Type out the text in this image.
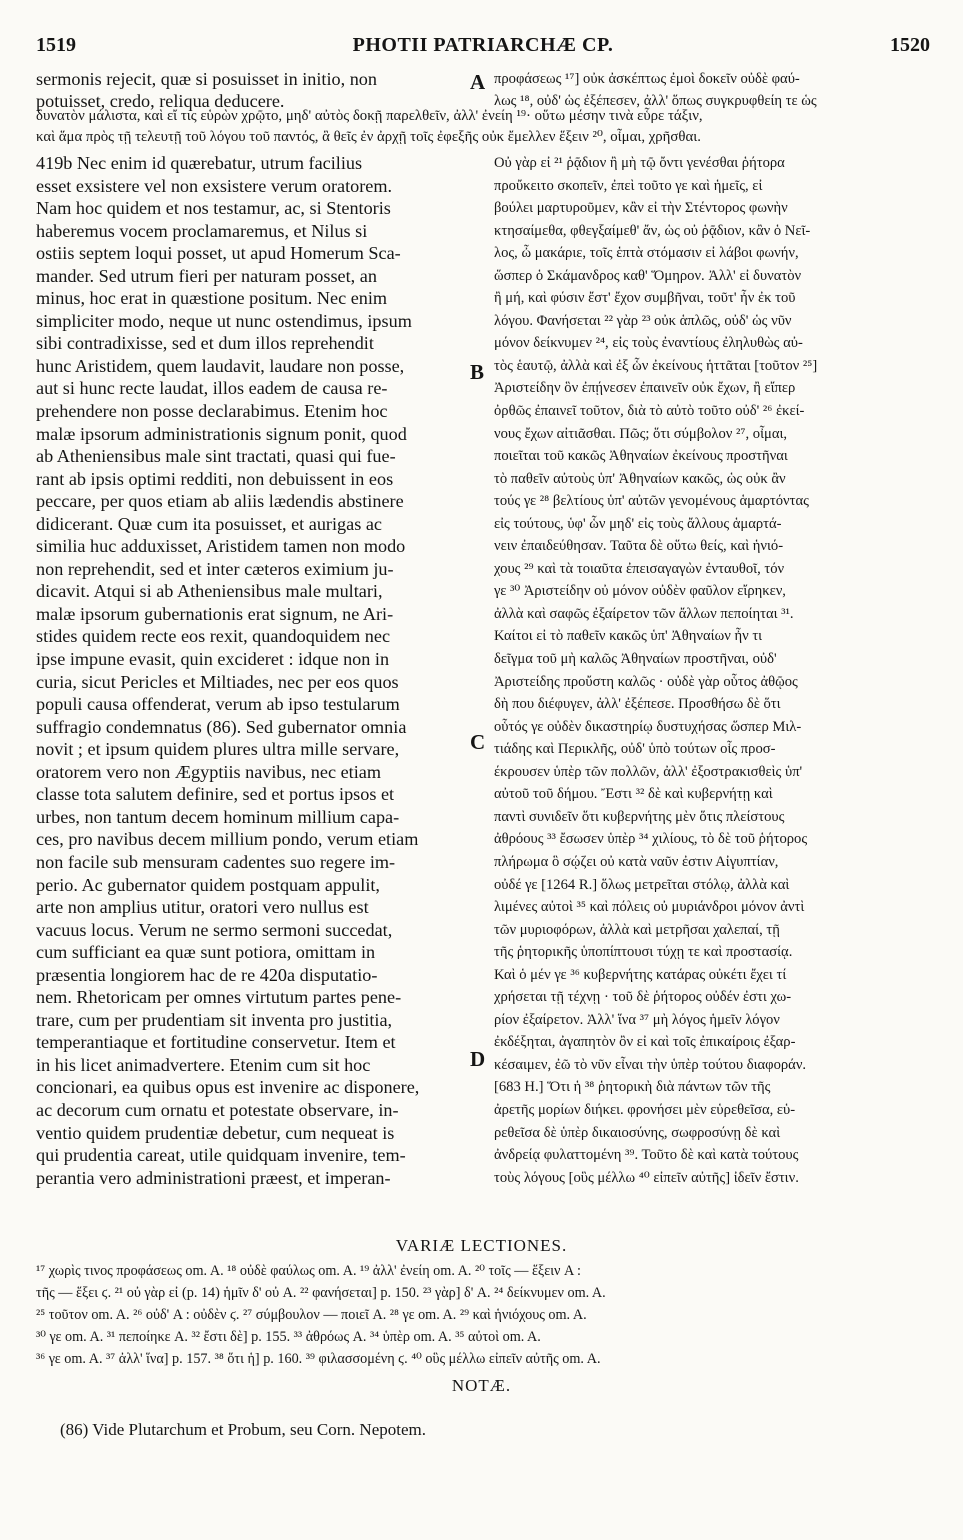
1519	PHOTII PATRIARCHÆ CP.	1520
sermonis rejecit, quæ si posuisset in initio, non
potuisset, credo, reliqua deducere.
A προφάσεως ¹⁷] οὐκ ἀσκέπτως ἐμοὶ δοκεῖν οὐδὲ φαύ-
λως ¹⁸, οὐδ' ὡς ἐξέπεσεν, ἀλλ' ὅπως συγκρυφθείη τε ὡς
δυνατὸν μάλιστα, καὶ εἴ τις εὑρὼν χρῷτο, μηδ' αὐτὸς δοκῇ παρελθεῖν, ἀλλ' ἐνείη ¹⁹· οὕτω μέσην τινὰ εὗρε τάξιν,
καὶ ἅμα πρὸς τῇ τελευτῇ τοῦ λόγου τοῦ παντός, ἃ θεῖς ἐν ἀρχῇ τοῖς ἐφεξῆς οὐκ ἔμελλεν ἕξειν ²⁰, οἶμαι, χρῆσθαι.
419b Nec enim id quærebatur, utrum facilius
esset exsistere vel non exsistere verum oratorem.
Nam hoc quidem et nos testamur, ac, si Stentoris
haberemus vocem proclamaremus, et Nilus si
ostiis septem loqui posset, ut apud Homerum Sca-
mander. Sed utrum fieri per naturam posset, an
minus, hoc erat in quæstione positum. Nec enim
simpliciter modo, neque ut nunc ostendimus, ipsum
sibi contradixisse, sed et dum illos reprehendit
hunc Aristidem, quem laudavit, laudare non posse,
aut si hunc recte laudat, illos eadem de causa re-
prehendere non posse declarabimus. Etenim hoc
malæ ipsorum administrationis signum ponit, quod
ab Atheniensibus male sint tractati, quasi qui fue-
rant ab ipsis optimi redditi, non debuissent in eos
peccare, per quos etiam ab aliis lædendis abstinere
didicerant. Quæ cum ita posuisset, et aurigas ac
similia huc adduxisset, Aristidem tamen non modo
non reprehendit, sed et inter cæteros eximium ju-
dicavit. Atqui si ab Atheniensibus male multari,
malæ ipsorum gubernationis erat signum, ne Ari-
stides quidem recte eos rexit, quandoquidem nec
ipse impune evasit, quin excideret : idque non in
curia, sicut Pericles et Miltiades, nec per eos quos
populi causa offenderat, verum ab ipso testularum
suffragio condemnatus (86). Sed gubernator omnia
novit ; et ipsum quidem plures ultra mille servare,
oratorem vero non Ægyptiis navibus, nec etiam
classe tota salutem definire, sed et portus ipsos et
urbes, non tantum decem hominum millium capa-
ces, pro navibus decem millium pondo, verum etiam
non facile sub mensuram cadentes suo regere im-
perio. Ac gubernator quidem postquam appulit,
arte non amplius utitur, oratori vero nullus est
vacuus locus. Verum ne sermo sermoni succedat,
cum sufficiant ea quæ sunt potiora, omittam in
præsentia longiorem hac de re 420a disputatio-
nem. Rhetoricam per omnes virtutum partes pene-
trare, cum per prudentiam sit inventa pro justitia,
temperantiaque et fortitudine conservetur. Item et
in his licet animadvertere. Etenim cum sit hoc
concionari, ea quibus opus est invenire ac disponere,
ac decorum cum ornatu et potestate observare, in-
ventio quidem prudentiæ debetur, cum nequeat is
qui prudentia careat, utile quidquam invenire, tem-
perantia vero administrationi præest, et imperan-
Οὐ γὰρ εἰ ²¹ ῥᾷδιον ἢ μὴ τῷ ὄντι γενέσθαι ῥήτορα
προὔκειτο σκοπεῖν, ἐπεὶ τοῦτο γε καὶ ἡμεῖς, εἰ
βούλει μαρτυροῦμεν, κἂν εἰ τὴν Στέντορος φωνὴν
κτησαίμεθα, φθεγξαίμεθ' ἄν, ὡς οὐ ῥᾷδιον, κἂν ὁ Νεῖ-
λος, ὦ μακάριε, τοῖς ἑπτὰ στόμασιν εἰ λάβοι φωνήν,
ὥσπερ ὁ Σκάμανδρος καθ' Ὅμηρον. Ἀλλ' εἰ δυνατὸν
ἢ μή, καὶ φύσιν ἔστ' ἔχον συμβῆναι, τοῦτ' ἦν ἐκ τοῦ
λόγου. Φανήσεται ²² γὰρ ²³ οὐκ ἁπλῶς, οὐδ' ὡς νῦν
μόνον δείκνυμεν ²⁴, εἰς τοὺς ἐναντίους ἐληλυθὼς αὐ-
τὸς ἑαυτῷ, ἀλλὰ καὶ ἐξ ὧν ἐκείνους ἡττᾶται [τοῦτον ²⁵]
Ἀριστείδην ὃν ἐπῄνεσεν ἐπαινεῖν οὐκ ἔχων, ἢ εἴπερ
ὀρθῶς ἐπαινεῖ τοῦτον, διὰ τὸ αὐτὸ τοῦτο οὐδ' ²⁶ ἐκεί-
νους ἔχων αἰτιᾶσθαι. Πῶς; ὅτι σύμβολον ²⁷, οἶμαι,
ποιεῖται τοῦ κακῶς Ἀθηναίων ἐκείνους προστῆναι
τὸ παθεῖν αὐτοὺς ὑπ' Ἀθηναίων κακῶς, ὡς οὐκ ἂν
τούς γε ²⁸ βελτίους ὑπ' αὐτῶν γενομένους ἁμαρτόντας
εἰς τούτους, ὑφ' ὧν μηδ' εἰς τοὺς ἄλλους ἁμαρτά-
νειν ἐπαιδεύθησαν. Ταῦτα δὲ οὕτω θείς, καὶ ἡνιό-
χους ²⁹ καὶ τὰ τοιαῦτα ἐπεισαγαγὼν ἐνταυθοῖ, τόν
γε ³⁰ Ἀριστείδην οὐ μόνον οὐδὲν φαῦλον εἴρηκεν,
ἀλλὰ καὶ σαφῶς ἐξαίρετον τῶν ἄλλων πεποίηται ³¹.
Καίτοι εἰ τὸ παθεῖν κακῶς ὑπ' Ἀθηναίων ἦν τι
δεῖγμα τοῦ μὴ καλῶς Ἀθηναίων προστῆναι, οὐδ'
Ἀριστείδης προὔστη καλῶς · οὐδὲ γὰρ οὗτος ἀθῷος
δὴ που διέφυγεν, ἀλλ' ἐξέπεσε. Προσθήσω δὲ ὅτι
οὗτός γε οὐδὲν δικαστηρίῳ δυστυχήσας ὥσπερ Μιλ-
τιάδης καὶ Περικλῆς, οὐδ' ὑπὸ τούτων οἷς προσ-
έκρουσεν ὑπὲρ τῶν πολλῶν, ἀλλ' ἐξοστρακισθεὶς ὑπ'
αὐτοῦ τοῦ δήμου. Ἔστι ³² δὲ καὶ κυβερνήτῃ καὶ
παντὶ συνιδεῖν ὅτι κυβερνήτης μὲν ὅτις πλείστους
ἀθρόους ³³ ἔσωσεν ὑπὲρ ³⁴ χιλίους, τὸ δὲ τοῦ ῥήτορος
πλήρωμα ὃ σῴζει οὐ κατὰ ναῦν ἐστιν Αἰγυπτίαν,
οὐδέ γε [1264 R.] ὅλως μετρεῖται στόλῳ, ἀλλὰ καὶ
λιμένες αὐτοὶ ³⁵ καὶ πόλεις οὐ μυριάνδροι μόνον ἀντὶ
τῶν μυριοφόρων, ἀλλὰ καὶ μετρῆσαι χαλεπαί, τῇ
τῆς ῥητορικῆς ὑποπίπτουσι τύχῃ τε καὶ προστασίᾳ.
Καὶ ὁ μέν γε ³⁶ κυβερνήτης κατάρας οὐκέτι ἔχει τί
χρήσεται τῇ τέχνῃ · τοῦ δὲ ῥήτορος οὐδέν ἐστι χω-
ρίον ἐξαίρετον. Ἀλλ' ἵνα ³⁷ μὴ λόγος ἡμεῖν λόγον
ἐκδέξηται, ἀγαπητὸν ὂν εἰ καὶ τοῖς ἐπικαίροις ἐξαρ-
κέσαιμεν, ἐῶ τὸ νῦν εἶναι τὴν ὑπὲρ τούτου διαφοράν.
[683 H.] Ὅτι ἡ ³⁸ ῥητορικὴ διὰ πάντων τῶν τῆς
ἀρετῆς μορίων διήκει. φρονήσει μὲν εὑρεθεῖσα, εὑ-
ρεθεῖσα δὲ ὑπὲρ δικαιοσύνης, σωφροσύνῃ δὲ καὶ
ἀνδρείᾳ φυλαττομένη ³⁹. Τοῦτο δὲ καὶ κατὰ τούτους
τοὺς λόγους [οὓς μέλλω ⁴⁰ εἰπεῖν αὐτῆς] ἰδεῖν ἔστιν.
B
C
D
VARIÆ LECTIONES.
¹⁷ χωρὶς τινος προφάσεως om. A. ¹⁸ οὐδὲ φαύλως om. A. ¹⁹ ἀλλ' ἐνείη om. A. ²⁰ τοῖς — ἕξειν A :
τῆς — ἕξει ϛ. ²¹ οὐ γὰρ εἰ (p. 14) ἡμῖν δ' οὐ A. ²² φανήσεται] p. 150. ²³ γὰρ] δ' A. ²⁴ δείκνυμεν om. A.
²⁵ τοῦτον om. A. ²⁶ οὐδ' A : οὐδὲν ϛ. ²⁷ σύμβουλον — ποιεῖ A. ²⁸ γε om. A. ²⁹ καὶ ἡνιόχους om. A.
³⁰ γε om. A. ³¹ πεποίηκε A. ³² ἔστι δὲ] p. 155. ³³ ἀθρόως A. ³⁴ ὑπὲρ om. A. ³⁵ αὐτοὶ om. A.
³⁶ γε om. A. ³⁷ ἀλλ' ἵνα] p. 157. ³⁸ ὅτι ἡ] p. 160. ³⁹ φιλασσομένη ϛ. ⁴⁰ οὓς μέλλω εἰπεῖν αὐτῆς om. A.
NOTÆ.
(86) Vide Plutarchum et Probum, seu Corn. Nepotem.
